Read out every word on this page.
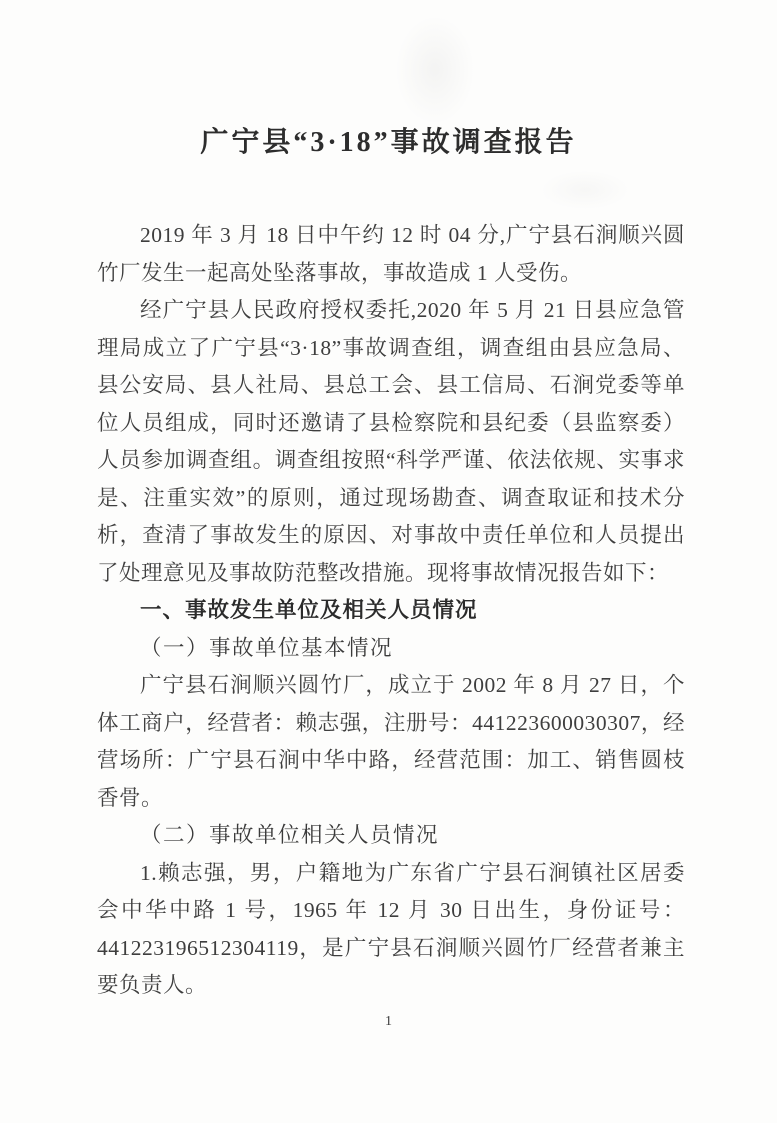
广宁县“3·18”事故调查报告

2019 年 3 月 18 日中午约 12 时 04 分,广宁县石涧顺兴圆竹厂发生一起高处坠落事故，事故造成 1 人受伤。

经广宁县人民政府授权委托,2020 年 5 月 21 日县应急管理局成立了广宁县“3·18”事故调查组，调查组由县应急局、县公安局、县人社局、县总工会、县工信局、石涧党委等单位人员组成，同时还邀请了县检察院和县纪委（县监察委）人员参加调查组。调查组按照“科学严谨、依法依规、实事求是、注重实效”的原则，通过现场勘查、调查取证和技术分析，查清了事故发生的原因、对事故中责任单位和人员提出了处理意见及事故防范整改措施。现将事故情况报告如下：

一、事故发生单位及相关人员情况

（一）事故单位基本情况

广宁县石涧顺兴圆竹厂，成立于 2002 年 8 月 27 日，个体工商户，经营者：赖志强，注册号：441223600030307，经营场所：广宁县石涧中华中路，经营范围：加工、销售圆枝香骨。

（二）事故单位相关人员情况

1.赖志强，男，户籍地为广东省广宁县石涧镇社区居委会中华中路 1 号，1965 年 12 月 30 日出生，身份证号：441223196512304119，是广宁县石涧顺兴圆竹厂经营者兼主要负责人。

1
